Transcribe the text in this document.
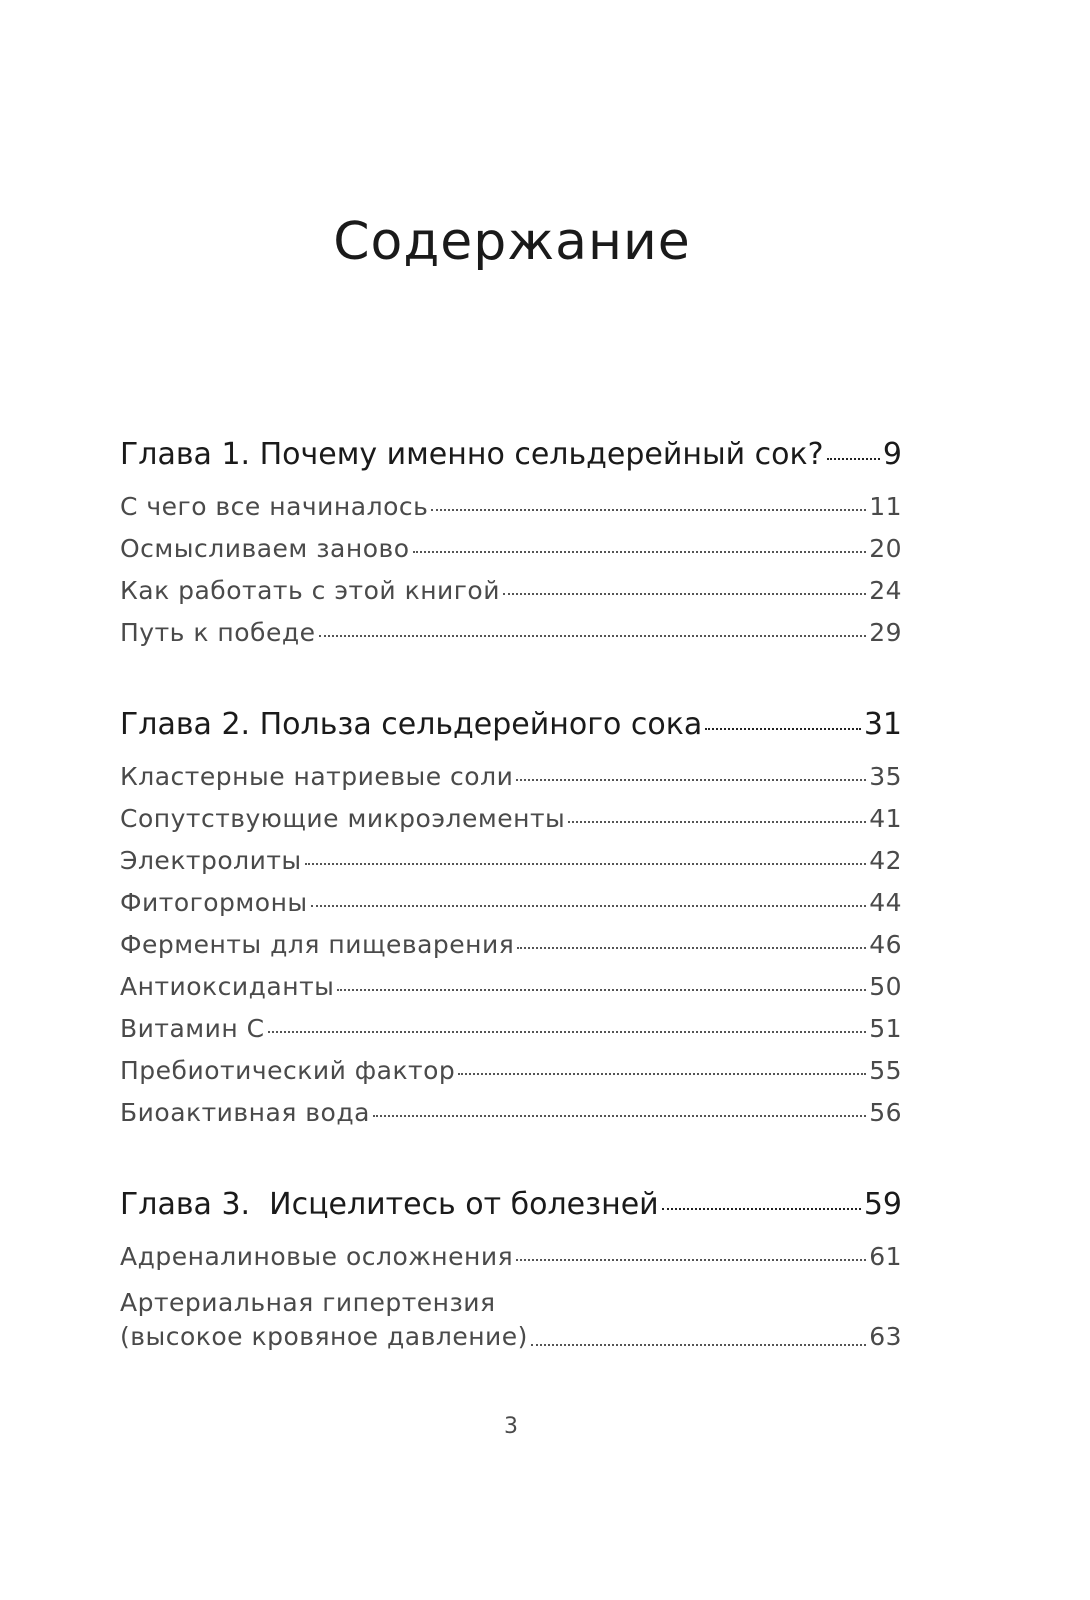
Содержание
Глава 1. Почему именно сельдерейный сок? 9
С чего все начиналось	11
Осмысливаем заново	20
Как работать с этой книгой	24
Путь к победе	29
Глава 2. Польза сельдерейного сока	31
Кластерные натриевые соли	35
Сопутствующие микроэлементы	41
Электролиты	42
Фитогормоны	44
Ферменты для пищеварения	46
Антиоксиданты	50
Витамин С	51
Пребиотический фактор	55
Биоактивная вода	56
Глава 3.  Исцелитесь от болезней	59
Адреналиновые осложнения	61
Артериальная гипертензия
(высокое кровяное давление)	63
3
